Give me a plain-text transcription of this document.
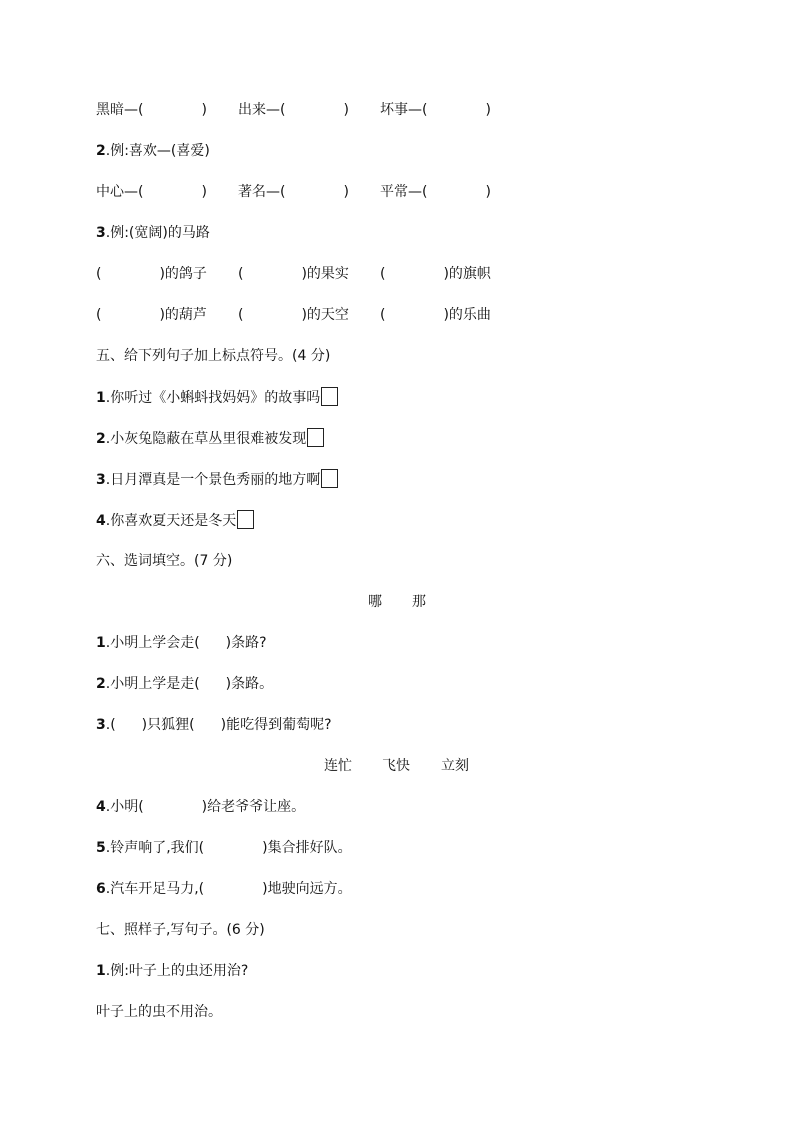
黑暗—(	) 出来—(	) 坏事—(	)
2.例:喜欢—(喜爱)
中心—(	) 著名—(	) 平常—(	)
3.例:(宽阔)的马路
(	)的鸽子 (	)的果实 (	)的旗帜
(	)的葫芦 (	)的天空 (	)的乐曲
五、给下列句子加上标点符号。(4 分)
1.你听过《小蝌蚪找妈妈》的故事吗
2.小灰兔隐蔽在草丛里很难被发现
3.日月潭真是一个景色秀丽的地方啊
4.你喜欢夏天还是冬天
六、选词填空。(7 分)
哪 那
1.小明上学会走( )条路?
2.小明上学是走( )条路。
3.( )只狐狸( )能吃得到葡萄呢?
连忙 飞快 立刻
4.小明(	)给老爷爷让座。
5.铃声响了,我们(	)集合排好队。
6.汽车开足马力,(	)地驶向远方。
七、照样子,写句子。(6 分)
1.例:叶子上的虫还用治?
叶子上的虫不用治。
